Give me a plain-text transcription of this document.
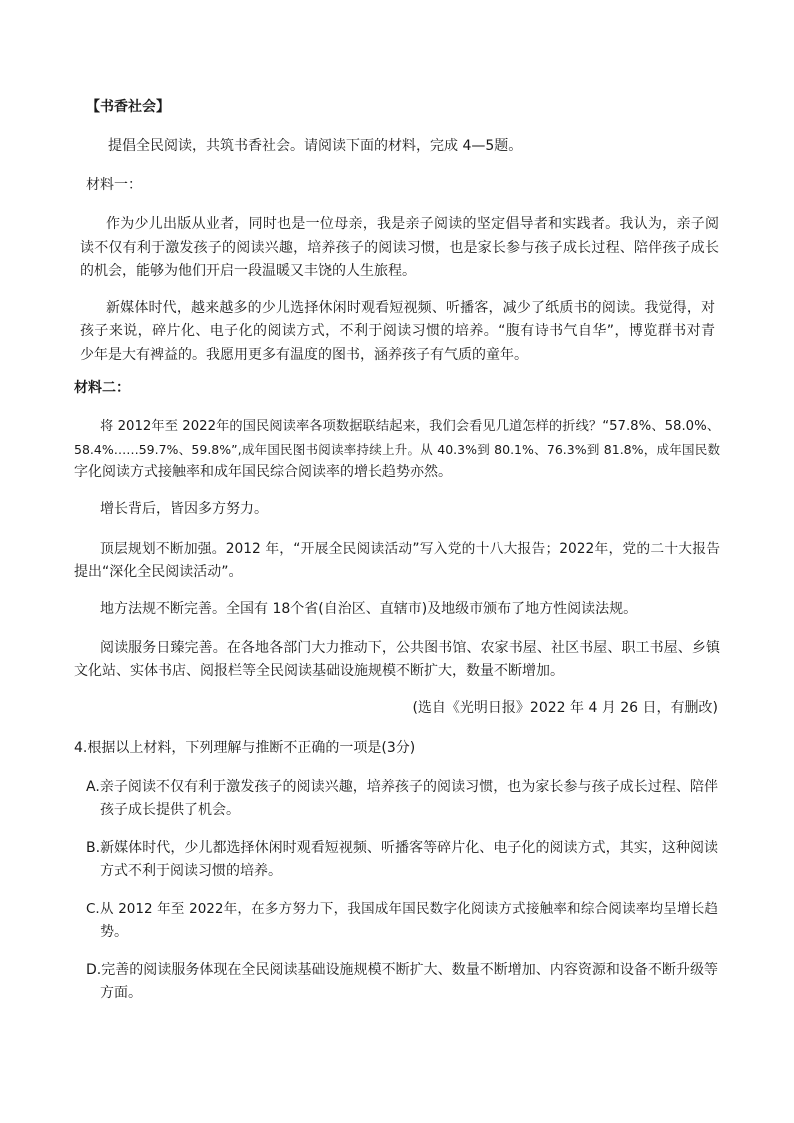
【书香社会】

提倡全民阅读，共筑书香社会。请阅读下面的材料，完成 4—5题。

材料一：

作为少儿出版从业者，同时也是一位母亲，我是亲子阅读的坚定倡导者和实践者。我认为，亲子阅

读不仅有利于激发孩子的阅读兴趣，培养孩子的阅读习惯，也是家长参与孩子成长过程、陪伴孩子成长

的机会，能够为他们开启一段温暖又丰饶的人生旅程。

新媒体时代，越来越多的少儿选择休闲时观看短视频、听播客，减少了纸质书的阅读。我觉得，对

孩子来说，碎片化、电子化的阅读方式，不利于阅读习惯的培养。“腹有诗书气自华”，博览群书对青

少年是大有裨益的。我愿用更多有温度的图书，涵养孩子有气质的童年。

材料二：

将 2012年至 2022年的国民阅读率各项数据联结起来，我们会看见几道怎样的折线？“57.8%、58.0%、

58.4%……59.7%、59.8%”,成年国民图书阅读率持续上升。从 40.3%到 80.1%、76.3%到 81.8%，成年国民数

字化阅读方式接触率和成年国民综合阅读率的增长趋势亦然。

增长背后，皆因多方努力。

顶层规划不断加强。2012 年，“开展全民阅读活动”写入党的十八大报告；2022年，党的二十大报告

提出“深化全民阅读活动”。

地方法规不断完善。全国有 18个省(自治区、直辖市)及地级市颁布了地方性阅读法规。

阅读服务日臻完善。在各地各部门大力推动下，公共图书馆、农家书屋、社区书屋、职工书屋、乡镇

文化站、实体书店、阅报栏等全民阅读基础设施规模不断扩大，数量不断增加。

(选自《光明日报》2022 年 4 月 26 日，有删改)

4.根据以上材料，下列理解与推断不正确的一项是(3分)

A.亲子阅读不仅有利于激发孩子的阅读兴趣，培养孩子的阅读习惯，也为家长参与孩子成长过程、陪伴

孩子成长提供了机会。

B.新媒体时代，少儿都选择休闲时观看短视频、听播客等碎片化、电子化的阅读方式，其实，这种阅读

方式不利于阅读习惯的培养。

C.从 2012 年至 2022年，在多方努力下，我国成年国民数字化阅读方式接触率和综合阅读率均呈增长趋

势。

D.完善的阅读服务体现在全民阅读基础设施规模不断扩大、数量不断增加、内容资源和设备不断升级等

方面。
